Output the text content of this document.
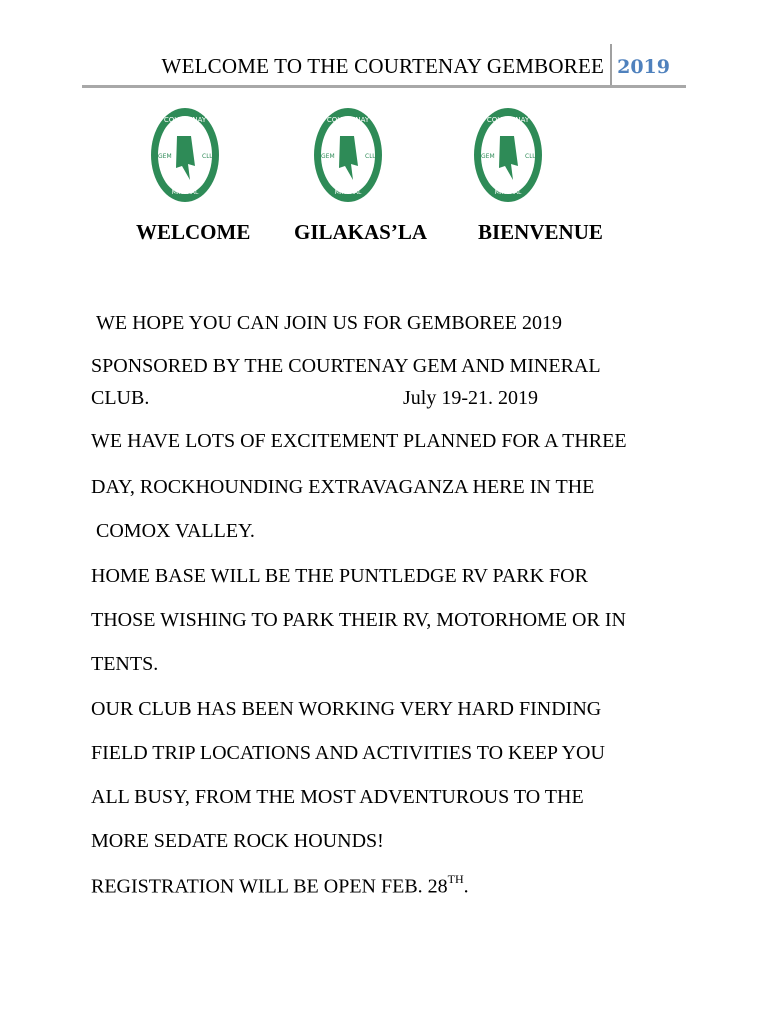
WELCOME TO THE COURTENAY GEMBOREE 2019
COURTENAY
GEM	CLUB
MINERAL
COURTENAY
GEM	CLUB
MINERAL
COURTENAY
GEM	CLUB
MINERAL
WELCOME GILAKAS’LA BIENVENUE
WE HOPE YOU CAN JOIN US FOR GEMBOREE 2019
SPONSORED BY THE COURTENAY GEM AND MINERAL
CLUB.	July 19-21. 2019
WE HAVE LOTS OF EXCITEMENT PLANNED FOR A THREE
DAY, ROCKHOUNDING EXTRAVAGANZA HERE IN THE
COMOX VALLEY.
HOME BASE WILL BE THE PUNTLEDGE RV PARK FOR
THOSE WISHING TO PARK THEIR RV, MOTORHOME OR IN
TENTS.
OUR CLUB HAS BEEN WORKING VERY HARD FINDING
FIELD TRIP LOCATIONS AND ACTIVITIES TO KEEP YOU
ALL BUSY, FROM THE MOST ADVENTUROUS TO THE
MORE SEDATE ROCK HOUNDS!
REGISTRATION WILL BE OPEN FEB. 28TH.
